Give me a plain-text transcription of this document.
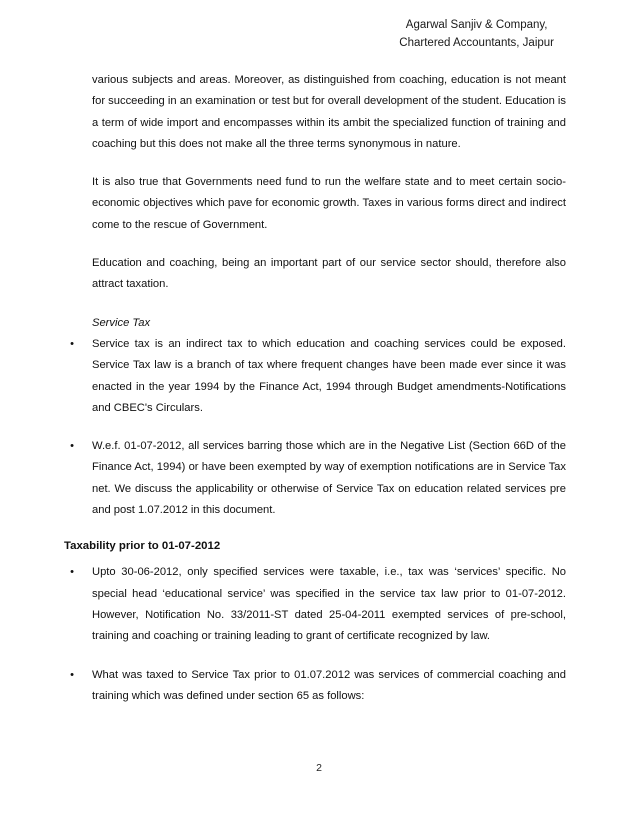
Agarwal Sanjiv & Company,
Chartered Accountants, Jaipur

various subjects and areas. Moreover, as distinguished from coaching, education is not meant for succeeding in an examination or test but for overall development of the student. Education is a term of wide import and encompasses within its ambit the specialized function of training and coaching but this does not make all the three terms synonymous in nature.

It is also true that Governments need fund to run the welfare state and to meet certain socio-economic objectives which pave for economic growth. Taxes in various forms direct and indirect come to the rescue of Government.

Education and coaching, being an important part of our service sector should, therefore also attract taxation.

Service Tax

•	Service tax is an indirect tax to which education and coaching services could be exposed. Service Tax law is a branch of tax where frequent changes have been made ever since it was enacted in the year 1994 by the Finance Act, 1994 through Budget amendments-Notifications and CBEC's Circulars.
•	W.e.f. 01-07-2012, all services barring those which are in the Negative List (Section 66D of the Finance Act, 1994) or have been exempted by way of exemption notifications are in Service Tax net. We discuss the applicability or otherwise of Service Tax on education related services pre and post 1.07.2012 in this document.

Taxability prior to 01-07-2012

•	Upto 30-06-2012, only specified services were taxable, i.e., tax was ‘services’ specific. No special head ‘educational service’ was specified in the service tax law prior to 01-07-2012. However, Notification No. 33/2011-ST dated 25-04-2011 exempted services of pre-school, training and coaching or training leading to grant of certificate recognized by law.
•	What was taxed to Service Tax prior to 01.07.2012 was services of commercial coaching and training which was defined under section 65 as follows:
2
